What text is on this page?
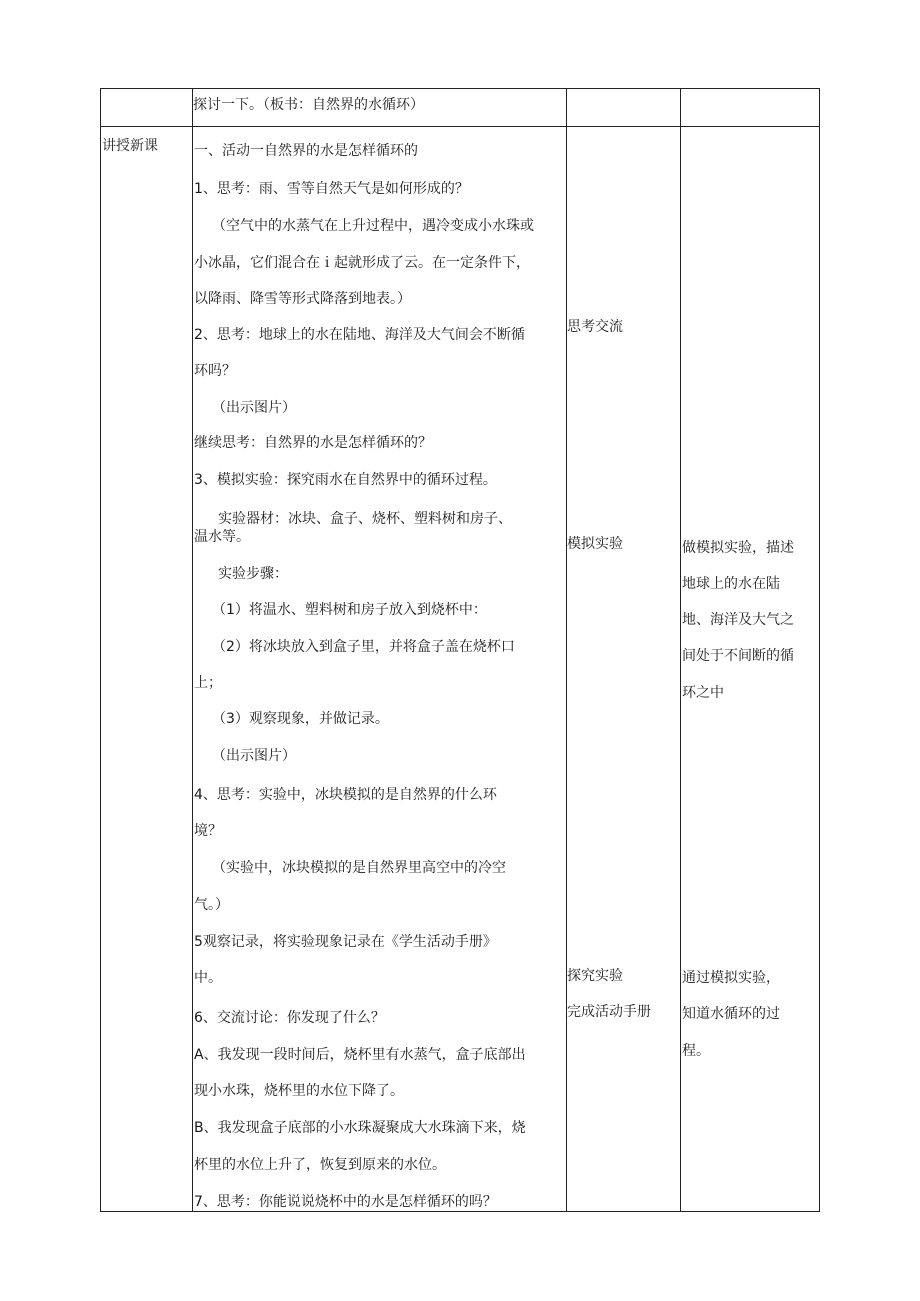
探讨一下。（板书：自然界的水循环）
讲授新课	一、活动一自然界的水是怎样循环的
1、思考：雨、雪等自然天气是如何形成的？
（空气中的水蒸气在上升过程中，遇冷变成小水珠或
小冰晶，它们混合在ｉ起就形成了云。在一定条件下，
以降雨、降雪等形式降落到地表。）
2、思考：地球上的水在陆地、海洋及大气间会不断循
环吗？
（出示图片）
继续思考：自然界的水是怎样循环的？
3、模拟实验：探究雨水在自然界中的循环过程。
实验器材：冰块、盒子、烧杯、塑料树和房子、
温水等。
实验步骤：
（1）将温水、塑料树和房子放入到烧杯中：
（2）将冰块放入到盒子里，并将盒子盖在烧杯口
上；
（3）观察现象，并做记录。
（出示图片）
4、思考：实验中，冰块模拟的是自然界的什么环
境？
（实验中，冰块模拟的是自然界里高空中的冷空
气。）
5观察记录，将实验现象记录在《学生活动手册》
中。
6、交流讨论：你发现了什么？
A、我发现一段时间后，烧杯里有水蒸气，盒子底部出
现小水珠，烧杯里的水位下降了。
B、我发现盒子底部的小水珠凝聚成大水珠滴下来，烧
杯里的水位上升了，恢复到原来的水位。
7、思考：你能说说烧杯中的水是怎样循环的吗？
思考交流
模拟实验
探究实验
完成活动手册
做模拟实验，描述
地球上的水在陆
地、海洋及大气之
间处于不间断的循
环之中
通过模拟实验，
知道水循环的过
程。
